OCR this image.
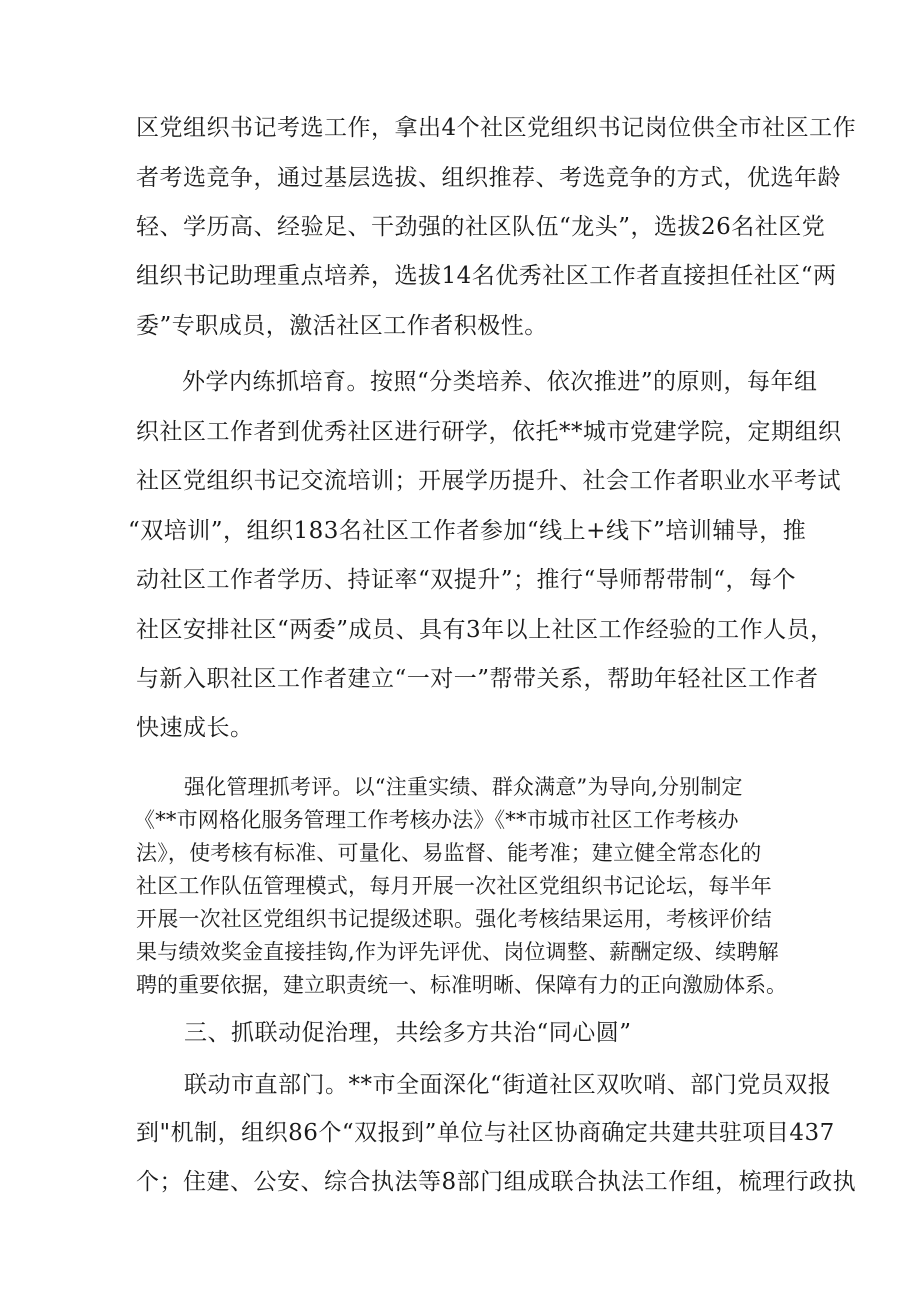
区党组织书记考选工作，拿出4个社区党组织书记岗位供全市社区工作
者考选竞争，通过基层选拔、组织推荐、考选竞争的方式，优选年龄
轻、学历高、经验足、干劲强的社区队伍“龙头”，选拔26名社区党
组织书记助理重点培养，选拔14名优秀社区工作者直接担任社区“两
委”专职成员，激活社区工作者积极性。
外学内练抓培育。按照“分类培养、依次推进”的原则，每年组
织社区工作者到优秀社区进行研学，依托**城市党建学院，定期组织
社区党组织书记交流培训；开展学历提升、社会工作者职业水平考试
“双培训”，组织183名社区工作者参加“线上+线下”培训辅导，推
动社区工作者学历、持证率“双提升”；推行“导师帮带制“，每个
社区安排社区“两委”成员、具有3年以上社区工作经验的工作人员，
与新入职社区工作者建立“一对一”帮带关系，帮助年轻社区工作者
快速成长。
强化管理抓考评。以“注重实绩、群众满意”为导向,分别制定
《**市网格化服务管理工作考核办法》《**市城市社区工作考核办
法》，使考核有标准、可量化、易监督、能考准；建立健全常态化的
社区工作队伍管理模式，每月开展一次社区党组织书记论坛，每半年
开展一次社区党组织书记提级述职。强化考核结果运用，考核评价结
果与绩效奖金直接挂钩,作为评先评优、岗位调整、薪酬定级、续聘解
聘的重要依据，建立职责统一、标准明晰、保障有力的正向激励体系。
三、抓联动促治理，共绘多方共治“同心圆”
联动市直部门。**市全面深化“街道社区双吹哨、部门党员双报
到"机制，组织86个“双报到”单位与社区协商确定共建共驻项目437
个；住建、公安、综合执法等8部门组成联合执法工作组，梳理行政执
